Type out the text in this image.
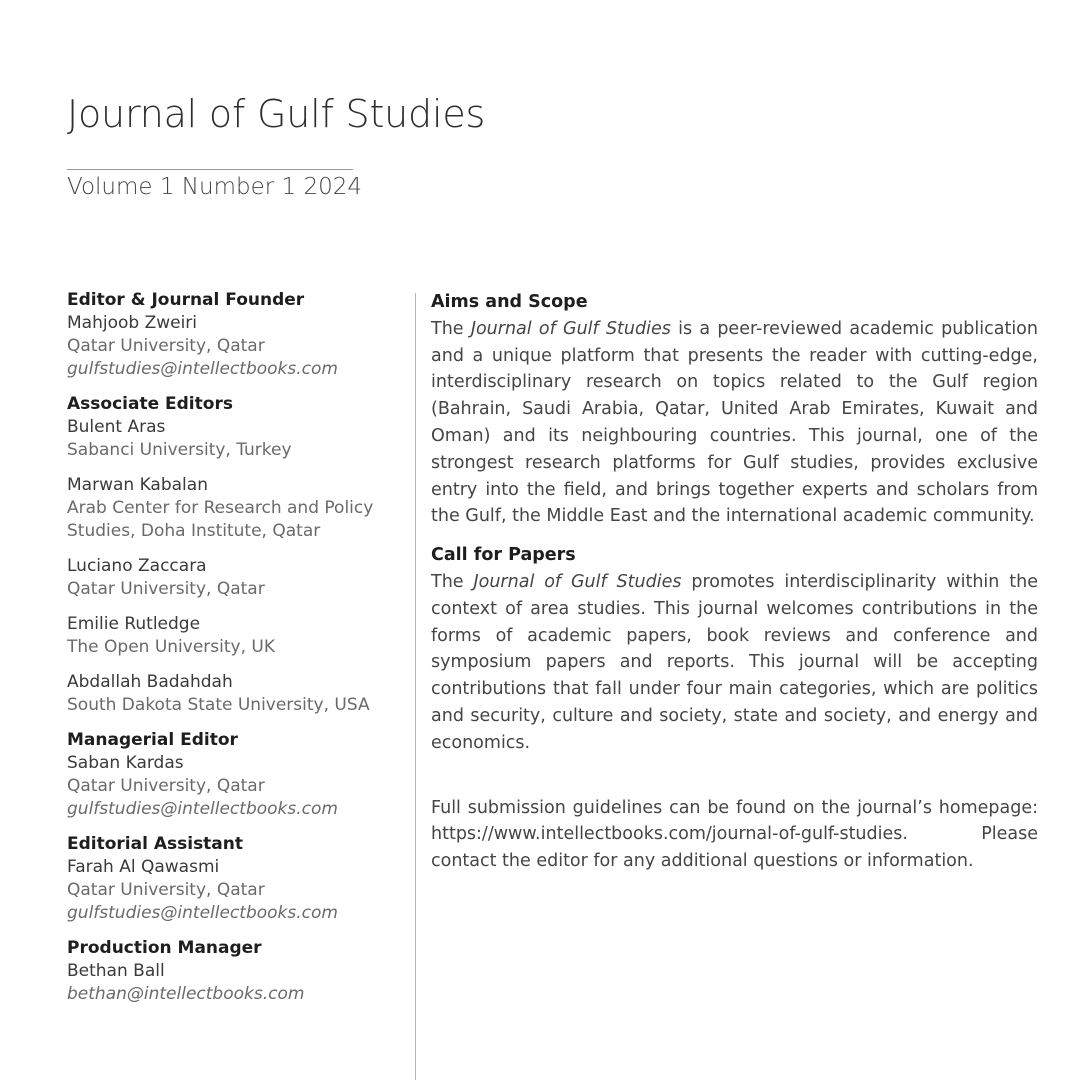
Journal of Gulf Studies
Volume 1 Number 1 2024
Editor & Journal Founder
Mahjoob Zweiri
Qatar University, Qatar
gulfstudies@intellectbooks.com
Associate Editors
Bulent Aras
Sabanci University, Turkey
Marwan Kabalan
Arab Center for Research and Policy Studies, Doha Institute, Qatar
Luciano Zaccara
Qatar University, Qatar
Emilie Rutledge
The Open University, UK
Abdallah Badahdah
South Dakota State University, USA
Managerial Editor
Saban Kardas
Qatar University, Qatar
gulfstudies@intellectbooks.com
Editorial Assistant
Farah Al Qawasmi
Qatar University, Qatar
gulfstudies@intellectbooks.com
Production Manager
Bethan Ball
bethan@intellectbooks.com
Aims and Scope

The Journal of Gulf Studies is a peer-reviewed academic publication and a unique platform that presents the reader with cutting-edge, interdisciplinary research on topics related to the Gulf region (Bahrain, Saudi Arabia, Qatar, United Arab Emirates, Kuwait and Oman) and its neighbouring countries. This journal, one of the strongest research platforms for Gulf studies, provides exclusive entry into the field, and brings together experts and scholars from the Gulf, the Middle East and the international academic community.

Call for Papers

The Journal of Gulf Studies promotes interdisciplinarity within the context of area studies. This journal welcomes contributions in the forms of academic papers, book reviews and conference and symposium papers and reports. This journal will be accepting contributions that fall under four main categories, which are politics and security, culture and society, state and society, and energy and economics.

Full submission guidelines can be found on the journal’s homepage: https://www.intellectbooks.com/journal-of-gulf-studies. Please contact the editor for any additional questions or information.
